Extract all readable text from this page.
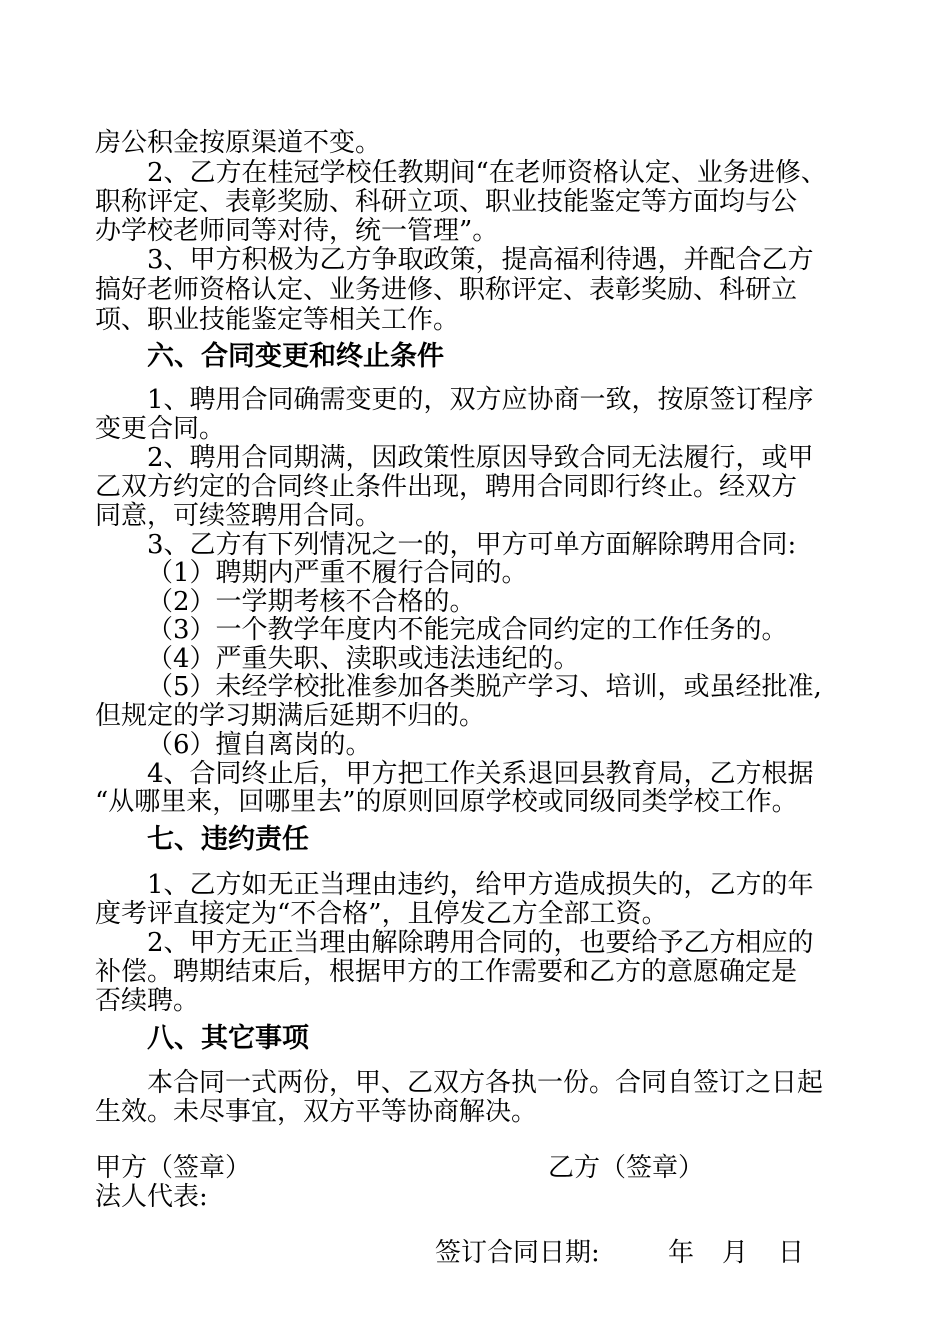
房公积金按原渠道不变。
2、乙方在桂冠学校任教期间“在老师资格认定、业务进修、
职称评定、表彰奖励、科研立项、职业技能鉴定等方面均与公
办学校老师同等对待，统一管理”。
3、甲方积极为乙方争取政策，提高福利待遇，并配合乙方
搞好老师资格认定、业务进修、职称评定、表彰奖励、科研立
项、职业技能鉴定等相关工作。
六、合同变更和终止条件
1、聘用合同确需变更的，双方应协商一致，按原签订程序
变更合同。
2、聘用合同期满，因政策性原因导致合同无法履行，或甲
乙双方约定的合同终止条件出现，聘用合同即行终止。经双方
同意，可续签聘用合同。
3、乙方有下列情况之一的，甲方可单方面解除聘用合同:
（1）聘期内严重不履行合同的。
（2）一学期考核不合格的。
（3）一个教学年度内不能完成合同约定的工作任务的。
（4）严重失职、渎职或违法违纪的。
（5）未经学校批准参加各类脱产学习、培训，或虽经批准,
但规定的学习期满后延期不归的。
（6）擅自离岗的。
4、合同终止后，甲方把工作关系退回县教育局，乙方根据
“从哪里来，回哪里去”的原则回原学校或同级同类学校工作。
七、违约责任
1、乙方如无正当理由违约，给甲方造成损失的，乙方的年
度考评直接定为“不合格”，且停发乙方全部工资。
2、甲方无正当理由解除聘用合同的，也要给予乙方相应的
补偿。聘期结束后，根据甲方的工作需要和乙方的意愿确定是
否续聘。
八、其它事项
本合同一式两份，甲、乙双方各执一份。合同自签订之日起
生效。未尽事宜，双方平等协商解决。
甲方（签章）	乙方（签章）
法人代表:
签订合同日期:	年 月 日
